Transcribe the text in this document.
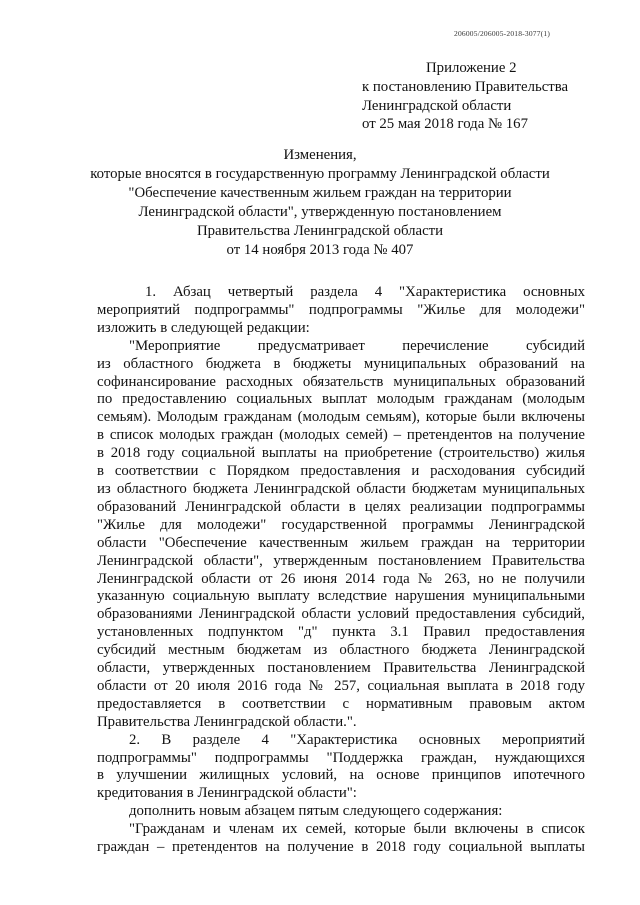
206005/206005-2018-3077(1)
Приложение 2
к постановлению Правительства
Ленинградской области
от 25 мая 2018 года № 167
Изменения,
которые вносятся в государственную программу Ленинградской области
"Обеспечение качественным жильем граждан на территории
Ленинградской области", утвержденную постановлением
Правительства Ленинградской области
от 14 ноября 2013 года № 407
1. Абзац четвертый раздела 4 "Характеристика основных
мероприятий подпрограммы" подпрограммы "Жилье для молодежи"
изложить в следующей редакции:
"Мероприятие предусматривает перечисление субсидий
из областного бюджета в бюджеты муниципальных образований на
софинансирование расходных обязательств муниципальных образований
по предоставлению социальных выплат молодым гражданам (молодым
семьям). Молодым гражданам (молодым семьям), которые были включены
в список молодых граждан (молодых семей) – претендентов на получение
в 2018 году социальной выплаты на приобретение (строительство) жилья
в соответствии с Порядком предоставления и расходования субсидий
из областного бюджета Ленинградской области бюджетам муниципальных
образований Ленинградской области в целях реализации подпрограммы
"Жилье для молодежи" государственной программы Ленинградской
области "Обеспечение качественным жильем граждан на территории
Ленинградской области", утвержденным постановлением Правительства
Ленинградской области от 26 июня 2014 года № 263, но не получили
указанную социальную выплату вследствие нарушения муниципальными
образованиями Ленинградской области условий предоставления субсидий,
установленных подпунктом "д" пункта 3.1 Правил предоставления
субсидий местным бюджетам из областного бюджета Ленинградской
области, утвержденных постановлением Правительства Ленинградской
области от 20 июля 2016 года № 257, социальная выплата в 2018 году
предоставляется в соответствии с нормативным правовым актом
Правительства Ленинградской области.".
2. В разделе 4 "Характеристика основных мероприятий
подпрограммы" подпрограммы "Поддержка граждан, нуждающихся
в улучшении жилищных условий, на основе принципов ипотечного
кредитования в Ленинградской области":
дополнить новым абзацем пятым следующего содержания:
"Гражданам и членам их семей, которые были включены в список
граждан – претендентов на получение в 2018 году социальной выплаты
